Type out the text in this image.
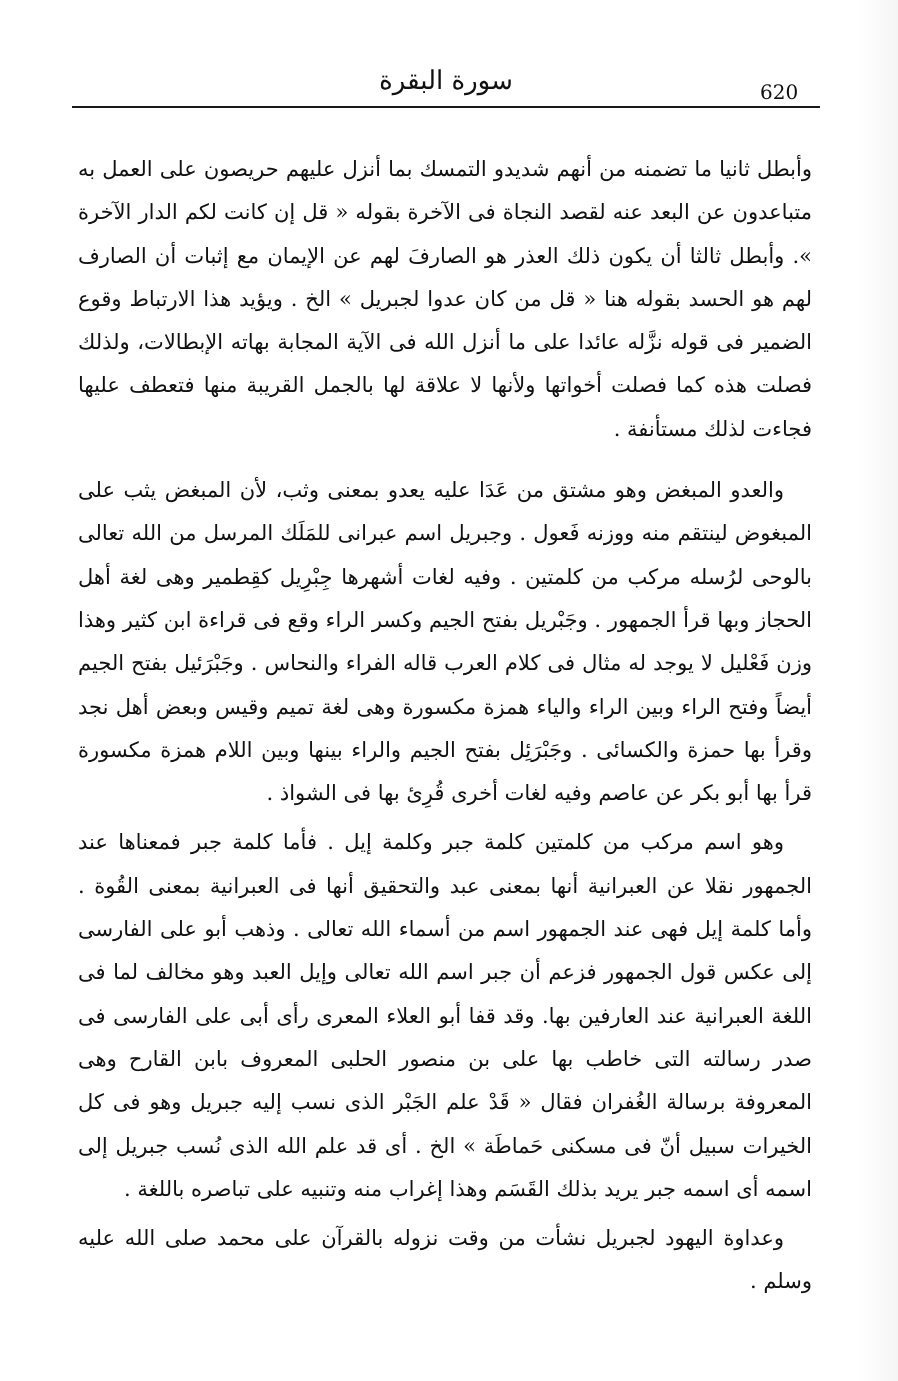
سورة البقرة	620

وأبطل ثانيا ما تضمنه من أنهم شديدو التمسك بما أنزل عليهم حريصون على العمل به متباعدون عن البعد عنه لقصد النجاة فى الآخرة بقوله « قل إن كانت لكم الدار الآخرة ». وأبطل ثالثا أن يكون ذلك العذر هو الصارفَ لهم عن الإيمان مع إثبات أن الصارف لهم هو الحسد بقوله هنا « قل من كان عدوا لجبريل » الخ . ويؤيد هذا الارتباط وقوع الضمير فى قوله نزَّله عائدا على ما أنزل الله فى الآية المجابة بهاته الإبطالات، ولذلك فصلت هذه كما فصلت أخواتها ولأنها لا علاقة لها بالجمل القريبة منها فتعطف عليها فجاءت لذلك مستأنفة .

والعدو المبغض وهو مشتق من عَدَا عليه يعدو بمعنى وثب، لأن المبغض يثب على المبغوض لينتقم منه ووزنه فَعول . وجبريل اسم عبرانى للمَلَك المرسل من الله تعالى بالوحى لرُسله مركب من كلمتين . وفيه لغات أشهرها جِبْرِيل كقِطمير وهى لغة أهل الحجاز وبها قرأ الجمهور . وجَبْريل بفتح الجيم وكسر الراء وقع فى قراءة ابن كثير وهذا وزن فَعْليل لا يوجد له مثال فى كلام العرب قاله الفراء والنحاس . وجَبْرَئيل بفتح الجيم أيضاً وفتح الراء وبين الراء والياء همزة مكسورة وهى لغة تميم وقيس وبعض أهل نجد وقرأ بها حمزة والكسائى . وجَبْرَئِل بفتح الجيم والراء بينها وبين اللام همزة مكسورة قرأ بها أبو بكر عن عاصم وفيه لغات أخرى قُرِئ بها فى الشواذ .

وهو اسم مركب من كلمتين كلمة جبر وكلمة إيل . فأما كلمة جبر فمعناها عند الجمهور نقلا عن العبرانية أنها بمعنى عبد والتحقيق أنها فى العبرانية بمعنى القُوة . وأما كلمة إيل فهى عند الجمهور اسم من أسماء الله تعالى . وذهب أبو على الفارسى إلى عكس قول الجمهور فزعم أن جبر اسم الله تعالى وإيل العبد وهو مخالف لما فى اللغة العبرانية عند العارفين بها. وقد قفا أبو العلاء المعرى رأى أبى على الفارسى فى صدر رسالته التى خاطب بها على بن منصور الحلبى المعروف بابن القارح وهى المعروفة برسالة الغُفران فقال « قَدْ علم الجَبْر الذى نسب إليه جبريل وهو فى كل الخيرات سبيل أنّ فى مسكنى حَماطَة » الخ . أى قد علم الله الذى نُسب جبريل إلى اسمه أى اسمه جبر يريد بذلك القَسَم وهذا إغراب منه وتنبيه على تباصره باللغة .

وعداوة اليهود لجبريل نشأت من وقت نزوله بالقرآن على محمد صلى الله عليه وسلم .
